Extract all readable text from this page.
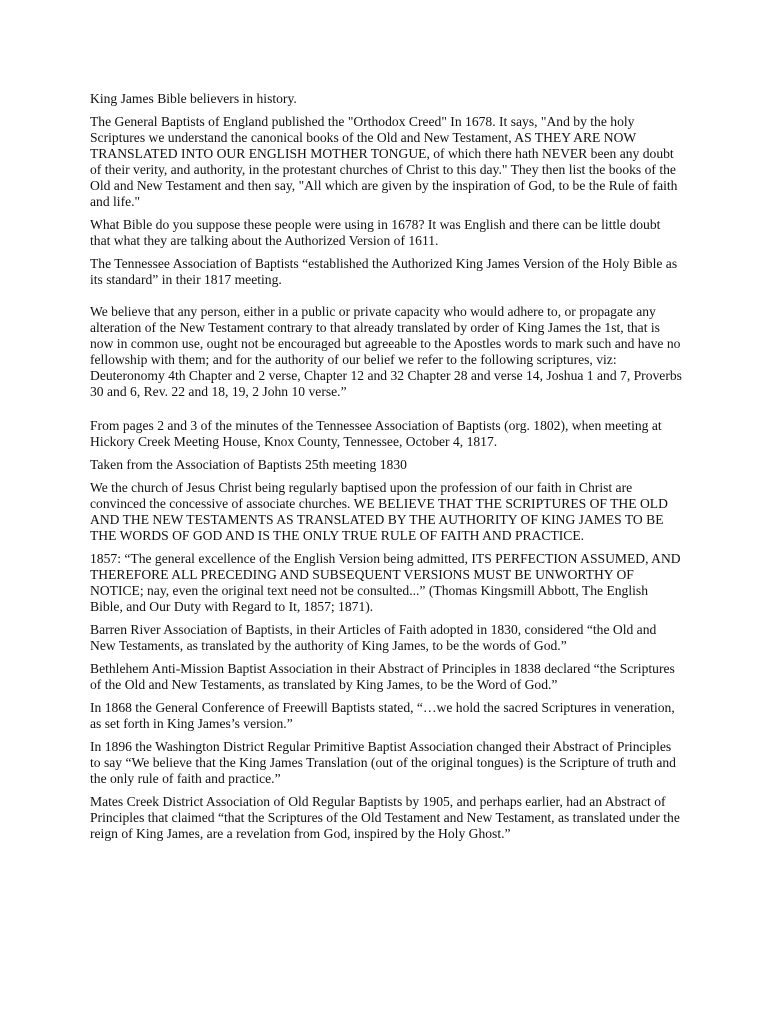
King James Bible believers in history.

The General Baptists of England published the "Orthodox Creed" In 1678. It says, "And by the holy Scriptures we understand the canonical books of the Old and New Testament, AS THEY ARE NOW TRANSLATED INTO OUR ENGLISH MOTHER TONGUE, of which there hath NEVER been any doubt of their verity, and authority, in the protestant churches of Christ to this day." They then list the books of the Old and New Testament and then say, "All which are given by the inspiration of God, to be the Rule of faith and life."

What Bible do you suppose these people were using in 1678? It was English and there can be little doubt that what they are talking about the Authorized Version of 1611.

The Tennessee Association of Baptists “established the Authorized King James Version of the Holy Bible as its standard” in their 1817 meeting.

We believe that any person, either in a public or private capacity who would adhere to, or propagate any alteration of the New Testament contrary to that already translated by order of King James the 1st, that is now in common use, ought not be encouraged but agreeable to the Apostles words to mark such and have no fellowship with them; and for the authority of our belief we refer to the following scriptures, viz: Deuteronomy 4th Chapter and 2 verse, Chapter 12 and 32 Chapter 28 and verse 14, Joshua 1 and 7, Proverbs 30 and 6, Rev. 22 and 18, 19, 2 John 10 verse.”

From pages 2 and 3 of the minutes of the Tennessee Association of Baptists (org. 1802), when meeting at Hickory Creek Meeting House, Knox County, Tennessee, October 4, 1817.

Taken from the Association of Baptists 25th meeting 1830

We the church of Jesus Christ being regularly baptised upon the profession of our faith in Christ are convinced the concessive of associate churches. WE BELIEVE THAT THE SCRIPTURES OF THE OLD AND THE NEW TESTAMENTS AS TRANSLATED BY THE AUTHORITY OF KING JAMES TO BE THE WORDS OF GOD AND IS THE ONLY TRUE RULE OF FAITH AND PRACTICE.

1857: “The general excellence of the English Version being admitted, ITS PERFECTION ASSUMED, AND THEREFORE ALL PRECEDING AND SUBSEQUENT VERSIONS MUST BE UNWORTHY OF NOTICE; nay, even the original text need not be consulted...” (Thomas Kingsmill Abbott, The English Bible, and Our Duty with Regard to It, 1857; 1871).

Barren River Association of Baptists, in their Articles of Faith adopted in 1830, considered “the Old and New Testaments, as translated by the authority of King James, to be the words of God.”

Bethlehem Anti-Mission Baptist Association in their Abstract of Principles in 1838 declared “the Scriptures of the Old and New Testaments, as translated by King James, to be the Word of God.”

In 1868 the General Conference of Freewill Baptists stated, “…we hold the sacred Scriptures in veneration, as set forth in King James’s version.”

In 1896 the Washington District Regular Primitive Baptist Association changed their Abstract of Principles to say “We believe that the King James Translation (out of the original tongues) is the Scripture of truth and the only rule of faith and practice.”

Mates Creek District Association of Old Regular Baptists by 1905, and perhaps earlier, had an Abstract of Principles that claimed “that the Scriptures of the Old Testament and New Testament, as translated under the reign of King James, are a revelation from God, inspired by the Holy Ghost.”
